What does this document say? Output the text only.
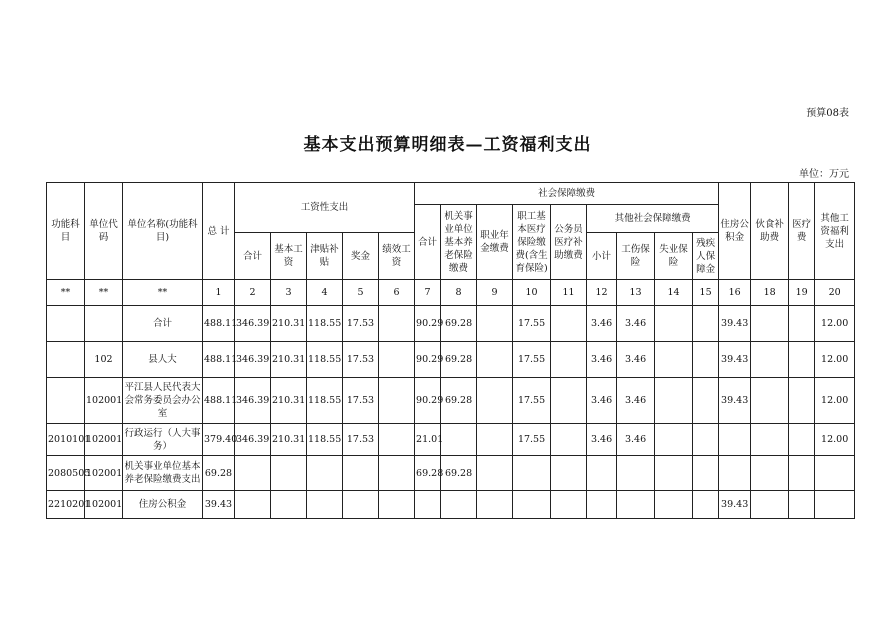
预算08表
基本支出预算明细表—工资福利支出
单位：万元
功能科目	单位代码	单位名称(功能科目)	总 计	工资性支出					社会保障缴费									住房公积金	伙食补助费	医疗费	其他工资福利支出
									合计	机关事业单位基本养老保险缴费	职业年金缴费	职工基本医疗保险缴费(含生育保险)	公务员医疗补助缴费	其他社会保障缴费							
				合计	基本工资	津贴补贴	奖金	绩效工资						小计	工伤保险	失业保险	残疾人保障金				
**	**	**	1	2	3	4	5	6	7	8	9	10	11	12	13	14	15	16	18	19	20
		合计	488.11	346.39	210.31	118.55	17.53		90.29	69.28		17.55		3.46	3.46			39.43			12.00
	102	县人大	488.11	346.39	210.31	118.55	17.53		90.29	69.28		17.55		3.46	3.46			39.43			12.00
	102001	平江县人民代表大会常务委员会办公室	488.11	346.39	210.31	118.55	17.53		90.29	69.28		17.55		3.46	3.46			39.43			12.00
2010101	102001	行政运行（人大事务）	379.40	346.39	210.31	118.55	17.53		21.01			17.55		3.46	3.46						12.00
2080505	102001	机关事业单位基本养老保险缴费支出	69.28						69.28	69.28											
2210201	102001	住房公积金	39.43															39.43			
